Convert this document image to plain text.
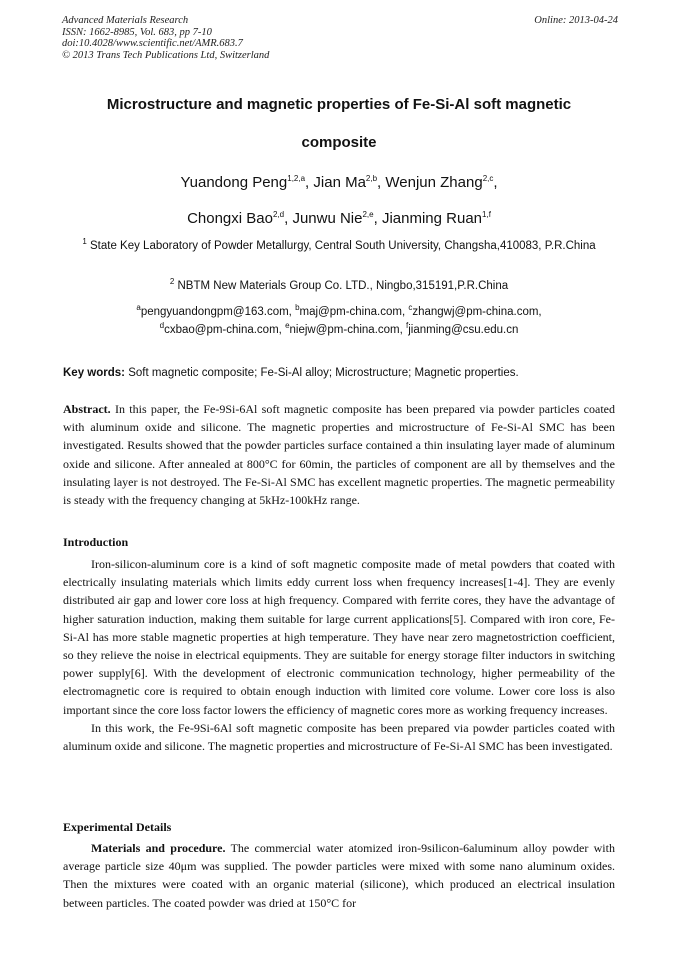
Advanced Materials Research
ISSN: 1662-8985, Vol. 683, pp 7-10
doi:10.4028/www.scientific.net/AMR.683.7
© 2013 Trans Tech Publications Ltd, Switzerland
Online: 2013-04-24
Microstructure and magnetic properties of Fe-Si-Al soft magnetic
composite
Yuandong Peng$^{1,2,a}$, Jian Ma$^{2,b}$, Wenjun Zhang$^{2,c}$,
Chongxi Bao$^{2,d}$, Junwu Nie$^{2,e}$, Jianming Ruan$^{1,f}$
$^1$ State Key Laboratory of Powder Metallurgy, Central South University, Changsha,410083, P.R.China
$^2$ NBTM New Materials Group Co. LTD., Ningbo,315191,P.R.China
$^a$pengyuandongpm@163.com, $^b$maj@pm-china.com, $^c$zhangwj@pm-china.com,
$^d$cxbao@pm-china.com, $^e$niejw@pm-china.com, $^f$jianming@csu.edu.cn
Key words: Soft magnetic composite; Fe-Si-Al alloy; Microstructure; Magnetic properties.

Abstract. In this paper, the Fe-9Si-6Al soft magnetic composite has been prepared via powder particles coated with aluminum oxide and silicone. The magnetic properties and microstructure of Fe-Si-Al SMC has been investigated. Results showed that the powder particles surface contained a thin insulating layer made of aluminum oxide and silicone. After annealed at 800°C for 60min, the particles of component are all by themselves and the insulating layer is not destroyed. The Fe-Si-Al SMC has excellent magnetic properties. The magnetic permeability is steady with the frequency changing at 5kHz-100kHz range.

Introduction

Iron-silicon-aluminum core is a kind of soft magnetic composite made of metal powders that coated with electrically insulating materials which limits eddy current loss when frequency increases[1-4]. They are evenly distributed air gap and lower core loss at high frequency. Compared with ferrite cores, they have the advantage of higher saturation induction, making them suitable for large current applications[5]. Compared with iron core, Fe-Si-Al has more stable magnetic properties at high temperature. They have near zero magnetostriction coefficient, so they relieve the noise in electrical equipments. They are suitable for energy storage filter inductors in switching power supply[6]. With the development of electronic communication technology, higher permeability of the electromagnetic core is required to obtain enough induction with limited core volume. Lower core loss is also important since the core loss factor lowers the efficiency of magnetic cores more as working frequency increases.

In this work, the Fe-9Si-6Al soft magnetic composite has been prepared via powder particles coated with aluminum oxide and silicone. The magnetic properties and microstructure of Fe-Si-Al SMC has been investigated.

Experimental Details

Materials and procedure. The commercial water atomized iron-9silicon-6aluminum alloy powder with average particle size 40μm was supplied. The powder particles were mixed with some nano aluminum oxides. Then the mixtures were coated with an organic material (silicone), which produced an electrical insulation between particles. The coated powder was dried at 150°C for
